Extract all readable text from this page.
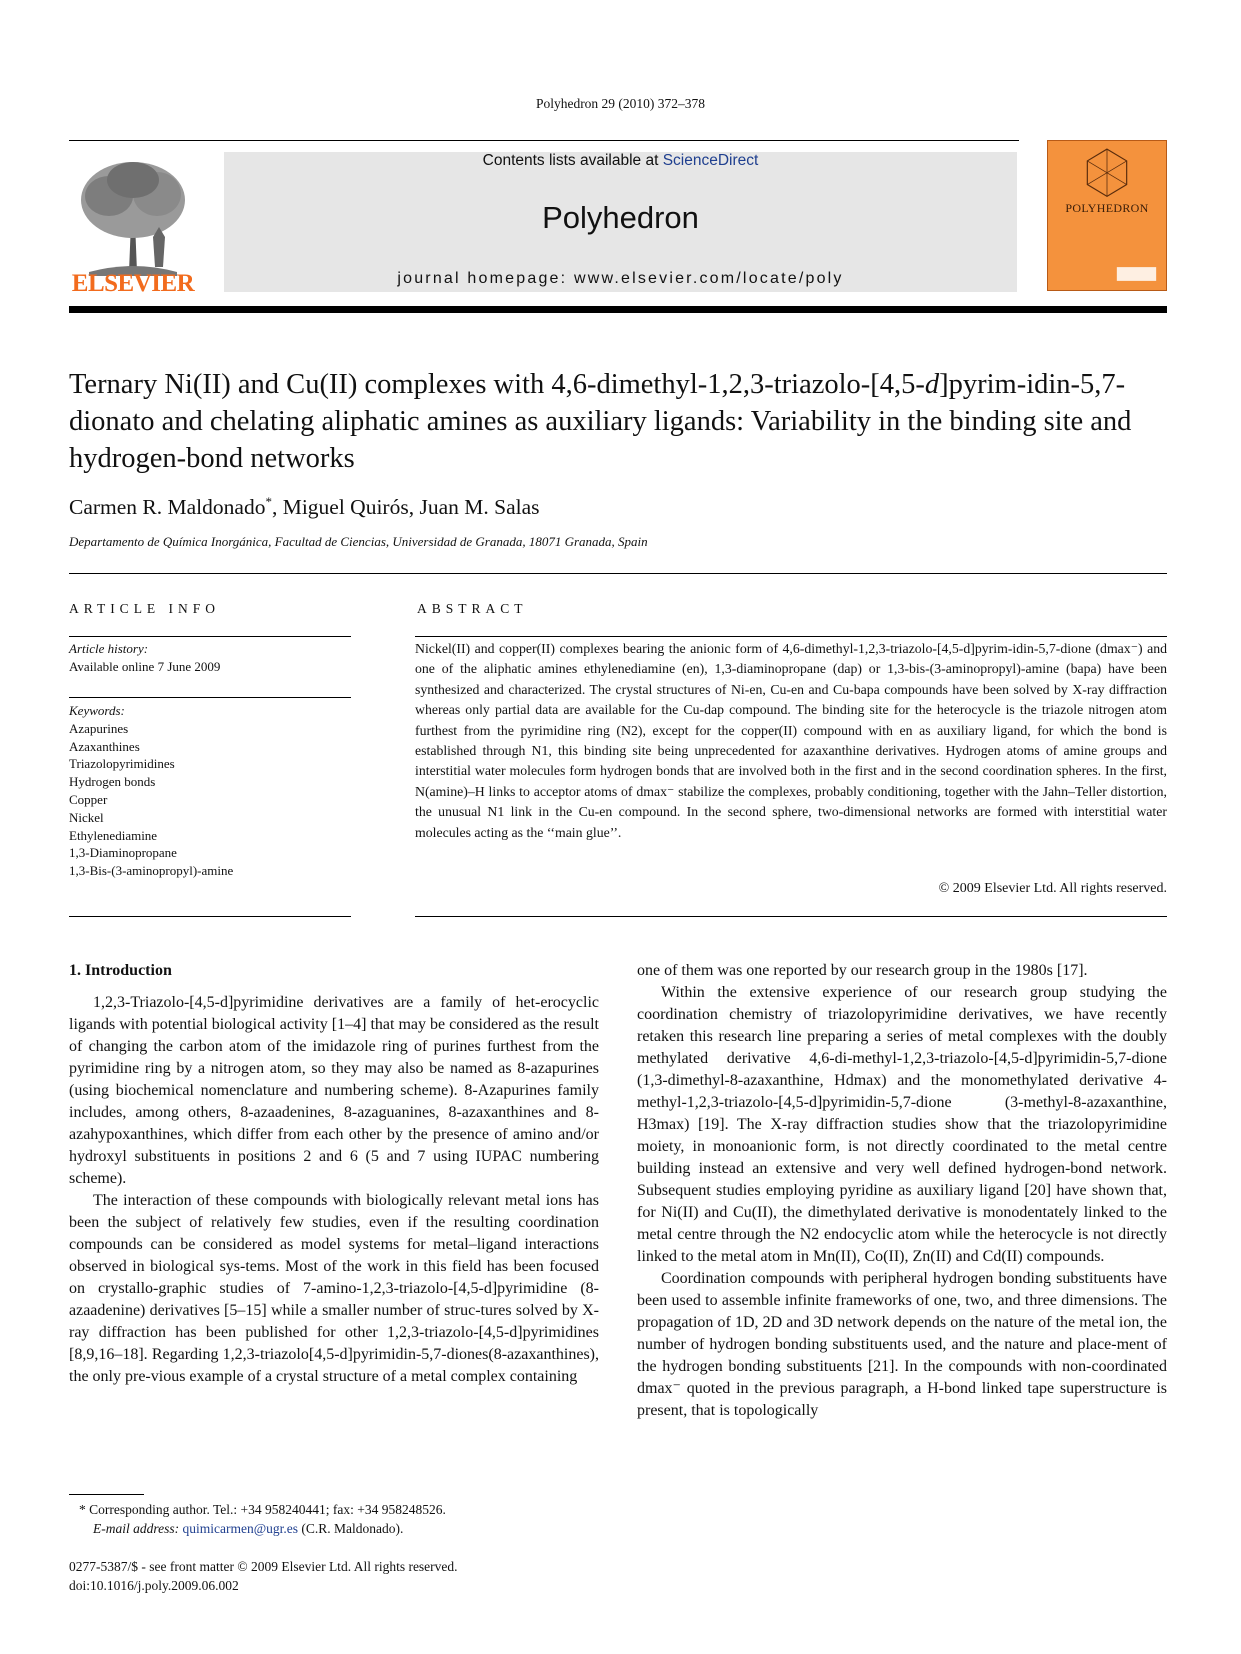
Polyhedron 29 (2010) 372–378
ELSEVIER
Contents lists available at ScienceDirect
Polyhedron
journal homepage: www.elsevier.com/locate/poly
POLYHEDRON
Ternary Ni(II) and Cu(II) complexes with 4,6-dimethyl-1,2,3-triazolo-[4,5-d]pyrim-idin-5,7-dionato and chelating aliphatic amines as auxiliary ligands: Variability in the binding site and hydrogen-bond networks
Carmen R. Maldonado*, Miguel Quirós, Juan M. Salas
Departamento de Química Inorgánica, Facultad de Ciencias, Universidad de Granada, 18071 Granada, Spain
ARTICLE INFO
Article history:
Available online 7 June 2009
Keywords:
Azapurines
Azaxanthines
Triazolopyrimidines
Hydrogen bonds
Copper
Nickel
Ethylenediamine
1,3-Diaminopropane
1,3-Bis-(3-aminopropyl)-amine
ABSTRACT

Nickel(II) and copper(II) complexes bearing the anionic form of 4,6-dimethyl-1,2,3-triazolo-[4,5-d]pyrim-idin-5,7-dione (dmax⁻) and one of the aliphatic amines ethylenediamine (en), 1,3-diaminopropane (dap) or 1,3-bis-(3-aminopropyl)-amine (bapa) have been synthesized and characterized. The crystal structures of Ni-en, Cu-en and Cu-bapa compounds have been solved by X-ray diffraction whereas only partial data are available for the Cu-dap compound. The binding site for the heterocycle is the triazole nitrogen atom furthest from the pyrimidine ring (N2), except for the copper(II) compound with en as auxiliary ligand, for which the bond is established through N1, this binding site being unprecedented for azaxanthine derivatives. Hydrogen atoms of amine groups and interstitial water molecules form hydrogen bonds that are involved both in the first and in the second coordination spheres. In the first, N(amine)–H links to acceptor atoms of dmax⁻ stabilize the complexes, probably conditioning, together with the Jahn–Teller distortion, the unusual N1 link in the Cu-en compound. In the second sphere, two-dimensional networks are formed with interstitial water molecules acting as the ‘‘main glue’’.

© 2009 Elsevier Ltd. All rights reserved.
1. Introduction

1,2,3-Triazolo-[4,5-d]pyrimidine derivatives are a family of het-erocyclic ligands with potential biological activity [1–4] that may be considered as the result of changing the carbon atom of the imidazole ring of purines furthest from the pyrimidine ring by a nitrogen atom, so they may also be named as 8-azapurines (using biochemical nomenclature and numbering scheme). 8-Azapurines family includes, among others, 8-azaadenines, 8-azaguanines, 8-azaxanthines and 8-azahypoxanthines, which differ from each other by the presence of amino and/or hydroxyl substituents in positions 2 and 6 (5 and 7 using IUPAC numbering scheme).

The interaction of these compounds with biologically relevant metal ions has been the subject of relatively few studies, even if the resulting coordination compounds can be considered as model systems for metal–ligand interactions observed in biological sys-tems. Most of the work in this field has been focused on crystallo-graphic studies of 7-amino-1,2,3-triazolo-[4,5-d]pyrimidine (8-azaadenine) derivatives [5–15] while a smaller number of struc-tures solved by X-ray diffraction has been published for other 1,2,3-triazolo-[4,5-d]pyrimidines [8,9,16–18]. Regarding 1,2,3-triazolo[4,5-d]pyrimidin-5,7-diones(8-azaxanthines), the only pre-vious example of a crystal structure of a metal complex containing

one of them was one reported by our research group in the 1980s [17].

Within the extensive experience of our research group studying the coordination chemistry of triazolopyrimidine derivatives, we have recently retaken this research line preparing a series of metal complexes with the doubly methylated derivative 4,6-di-methyl-1,2,3-triazolo-[4,5-d]pyrimidin-5,7-dione (1,3-dimethyl-8-azaxanthine, Hdmax) and the monomethylated derivative 4-methyl-1,2,3-triazolo-[4,5-d]pyrimidin-5,7-dione (3-methyl-8-azaxanthine, H3max) [19]. The X-ray diffraction studies show that the triazolopyrimidine moiety, in monoanionic form, is not directly coordinated to the metal centre building instead an extensive and very well defined hydrogen-bond network. Subsequent studies employing pyridine as auxiliary ligand [20] have shown that, for Ni(II) and Cu(II), the dimethylated derivative is monodentately linked to the metal centre through the N2 endocyclic atom while the heterocycle is not directly linked to the metal atom in Mn(II), Co(II), Zn(II) and Cd(II) compounds.

Coordination compounds with peripheral hydrogen bonding substituents have been used to assemble infinite frameworks of one, two, and three dimensions. The propagation of 1D, 2D and 3D network depends on the nature of the metal ion, the number of hydrogen bonding substituents used, and the nature and place-ment of the hydrogen bonding substituents [21]. In the compounds with non-coordinated dmax⁻ quoted in the previous paragraph, a H-bond linked tape superstructure is present, that is topologically

* Corresponding author. Tel.: +34 958240441; fax: +34 958248526.
E-mail address: quimicarmen@ugr.es (C.R. Maldonado).
0277-5387/$ - see front matter © 2009 Elsevier Ltd. All rights reserved.
doi:10.1016/j.poly.2009.06.002
